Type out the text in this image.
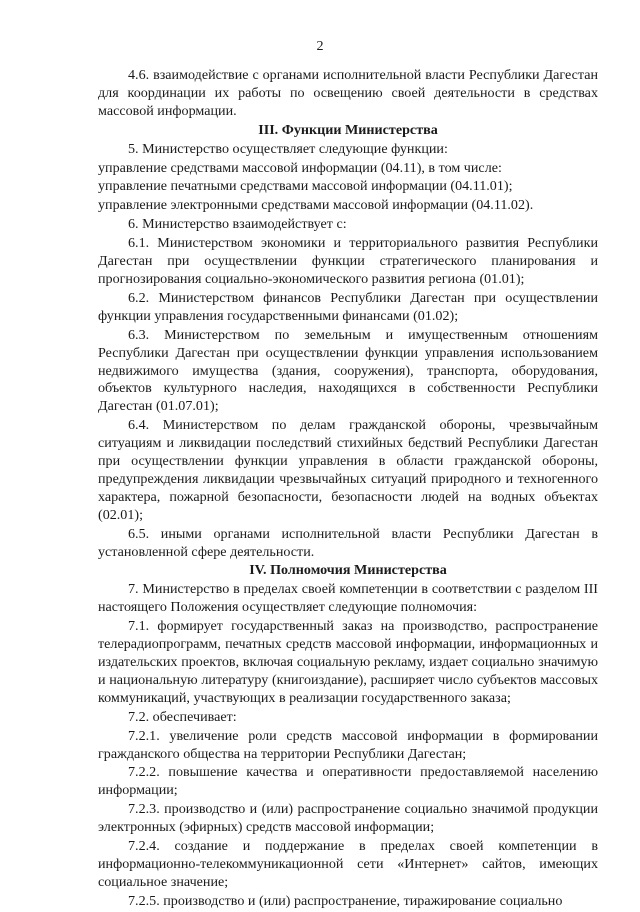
2
4.6. взаимодействие с органами исполнительной власти Республики Дагестан для координации их работы по освещению своей деятельности в средствах массовой информации.
III. Функции Министерства
5. Министерство осуществляет следующие функции:
управление средствами массовой информации (04.11), в том числе:
управление печатными средствами массовой информации (04.11.01);
управление электронными средствами массовой информации (04.11.02).
6. Министерство взаимодействует с:
6.1. Министерством экономики и территориального развития Республики Дагестан при осуществлении функции стратегического планирования и прогнозирования социально-экономического развития региона (01.01);
6.2. Министерством финансов Республики Дагестан при осуществлении функции управления государственными финансами (01.02);
6.3. Министерством по земельным и имущественным отношениям Республики Дагестан при осуществлении функции управления использованием недвижимого имущества (здания, сооружения), транспорта, оборудования, объектов культурного наследия, находящихся в собственности Республики Дагестан (01.07.01);
6.4. Министерством по делам гражданской обороны, чрезвычайным ситуациям и ликвидации последствий стихийных бедствий Республики Дагестан при осуществлении функции управления в области гражданской обороны, предупреждения ликвидации чрезвычайных ситуаций природного и техногенного характера, пожарной безопасности, безопасности людей на водных объектах (02.01);
6.5. иными органами исполнительной власти Республики Дагестан в установленной сфере деятельности.
IV. Полномочия Министерства
7. Министерство в пределах своей компетенции в соответствии с разделом III настоящего Положения осуществляет следующие полномочия:
7.1. формирует государственный заказ на производство, распространение телерадиопрограмм, печатных средств массовой информации, информационных и издательских проектов, включая социальную рекламу, издает социально значимую и национальную литературу (книгоиздание), расширяет число субъектов массовых коммуникаций, участвующих в реализации государственного заказа;
7.2. обеспечивает:
7.2.1. увеличение роли средств массовой информации в формировании гражданского общества на территории Республики Дагестан;
7.2.2. повышение качества и оперативности предоставляемой населению информации;
7.2.3. производство и (или) распространение социально значимой продукции электронных (эфирных) средств массовой информации;
7.2.4. создание и поддержание в пределах своей компетенции в информационно-телекоммуникационной сети «Интернет» сайтов, имеющих социальное значение;
7.2.5. производство и (или) распространение, тиражирование социально
